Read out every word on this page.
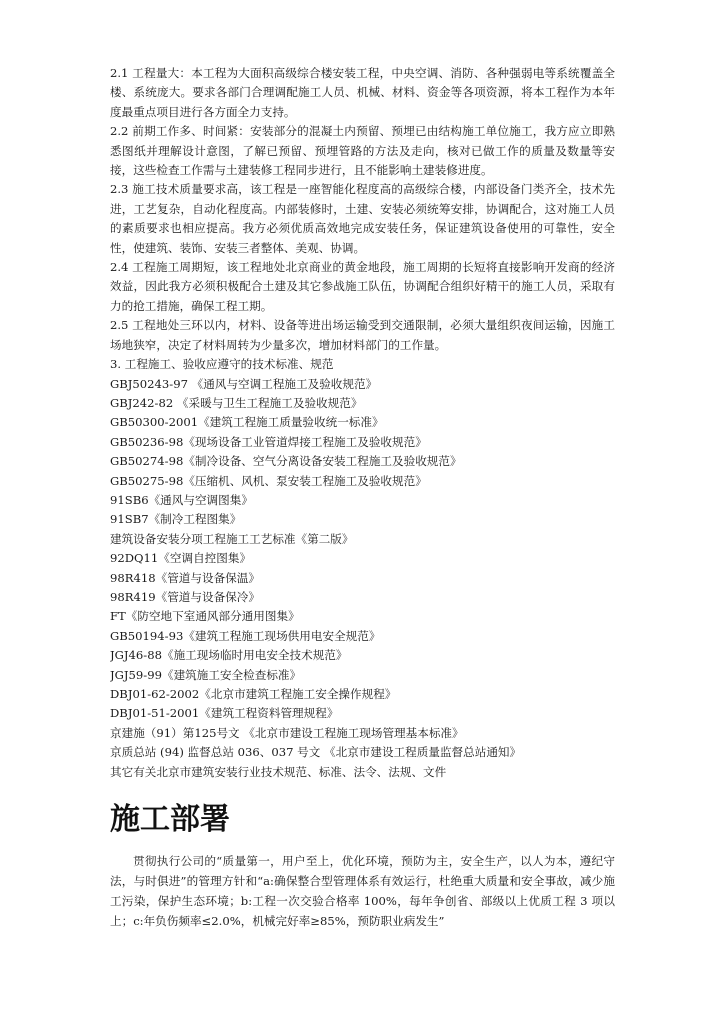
2.1 工程量大：本工程为大面积高级综合楼安装工程，中央空调、消防、各种强弱电等系统覆盖全楼、系统庞大。要求各部门合理调配施工人员、机械、材料、资金等各项资源，将本工程作为本年度最重点项目进行各方面全力支持。

2.2 前期工作多、时间紧：安装部分的混凝土内预留、预埋已由结构施工单位施工，我方应立即熟悉图纸并理解设计意图，了解已预留、预埋管路的方法及走向，核对已做工作的质量及数量等安接，这些检查工作需与土建装修工程同步进行，且不能影响土建装修进度。

2.3 施工技术质量要求高，该工程是一座智能化程度高的高级综合楼，内部设备门类齐全，技术先进，工艺复杂，自动化程度高。内部装修时，土建、安装必须统筹安排，协调配合，这对施工人员的素质要求也相应提高。我方必须优质高效地完成安装任务，保证建筑设备使用的可靠性，安全性，使建筑、装饰、安装三者整体、美观、协调。

2.4 工程施工周期短，该工程地处北京商业的黄金地段，施工周期的长短将直接影响开发商的经济效益，因此我方必须积极配合土建及其它参战施工队伍，协调配合组织好精干的施工人员，采取有力的抢工措施，确保工程工期。

2.5 工程地处三环以内，材料、设备等进出场运输受到交通限制，必须大量组织夜间运输，因施工场地狭窄，决定了材料周转为少量多次，增加材料部门的工作量。

3. 工程施工、验收应遵守的技术标准、规范

GBJ50243-97 《通风与空调工程施工及验收规范》
GBJ242-82 《采暖与卫生工程施工及验收规范》
GB50300-2001《建筑工程施工质量验收统一标准》
GB50236-98《现场设备工业管道焊接工程施工及验收规范》
GB50274-98《制冷设备、空气分离设备安装工程施工及验收规范》
GB50275-98《压缩机、风机、泵安装工程施工及验收规范》
91SB6《通风与空调图集》
91SB7《制冷工程图集》
建筑设备安装分项工程施工工艺标准《第二版》
92DQ11《空调自控图集》
98R418《管道与设备保温》
98R419《管道与设备保冷》
FT《防空地下室通风部分通用图集》
GB50194-93《建筑工程施工现场供用电安全规范》
JGJ46-88《施工现场临时用电安全技术规范》
JGJ59-99《建筑施工安全检查标准》
DBJ01-62-2002《北京市建筑工程施工安全操作规程》
DBJ01-51-2001《建筑工程资料管理规程》
京建施（91）第125号文 《北京市建设工程施工现场管理基本标准》
京质总站 (94) 监督总站 036、037 号文 《北京市建设工程质量监督总站通知》
其它有关北京市建筑安装行业技术规范、标准、法令、法规、文件
施工部署

贯彻执行公司的“质量第一，用户至上，优化环境，预防为主，安全生产，以人为本，遵纪守法，与时俱进”的管理方针和“a:确保整合型管理体系有效运行，杜绝重大质量和安全事故，减少施工污染，保护生态环境；b:工程一次交验合格率 100%，每年争创省、部级以上优质工程 3 项以上；c:年负伤频率≤2.0%，机械完好率≥85%，预防职业病发生”
